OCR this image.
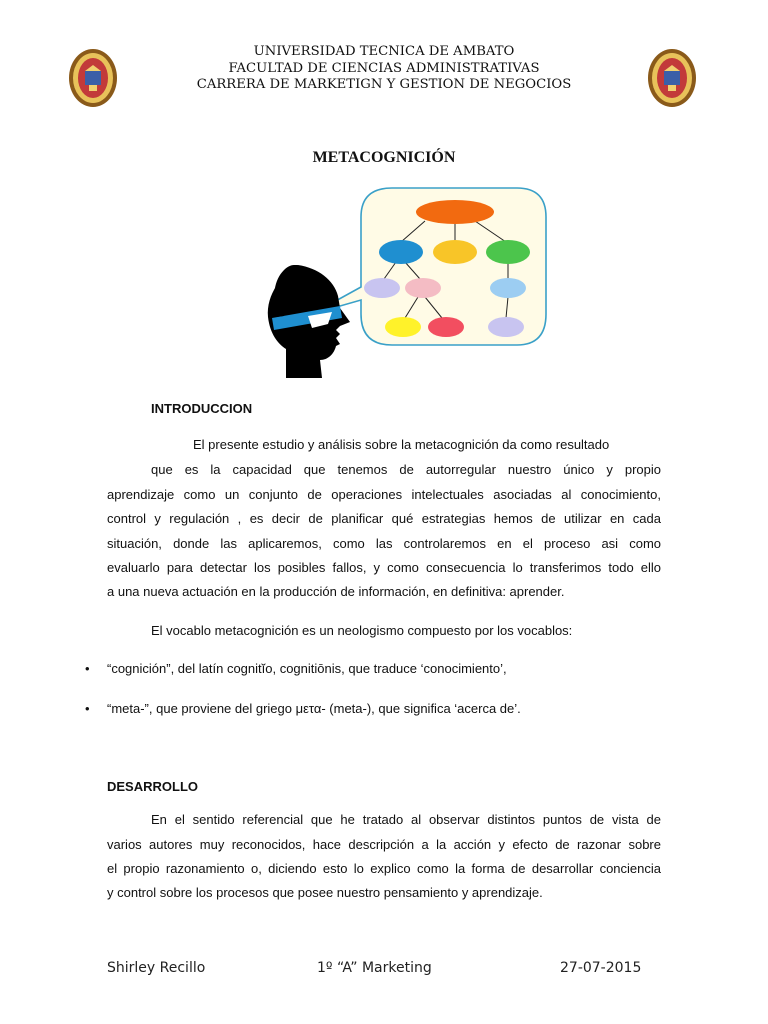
UNIVERSIDAD TECNICA DE AMBATO
FACULTAD DE CIENCIAS ADMINISTRATIVAS
CARRERA DE MARKETIGN Y GESTION DE NEGOCIOS
METACOGNICIÓN
INTRODUCCION
El presente estudio y análisis sobre la metacognición da como resultado
que es la capacidad que tenemos de autorregular nuestro único y propio
aprendizaje como un conjunto de operaciones intelectuales asociadas al conocimiento,
control y regulación , es decir de planificar qué estrategias hemos de utilizar en cada
situación, donde las aplicaremos, como las controlaremos en el proceso asi como
evaluarlo para detectar los posibles fallos, y como consecuencia lo transferimos todo ello
a una nueva actuación en la producción de información, en definitiva: aprender.
El vocablo metacognición es un neologismo compuesto por los vocablos:
• “cognición”, del latín cognitĭo, cognitiōnis, que traduce ‘conocimiento’,
• “meta-”, que proviene del griego μετα- (meta-), que significa ‘acerca de’.
DESARROLLO
En el sentido referencial que he tratado al observar distintos puntos de vista de
varios autores muy reconocidos, hace descripción a la acción y efecto de razonar sobre
el propio razonamiento o, diciendo esto lo explico como la forma de desarrollar conciencia
y control sobre los procesos que posee nuestro pensamiento y aprendizaje.
Shirley Recillo	1º “A” Marketing	27-07-2015
